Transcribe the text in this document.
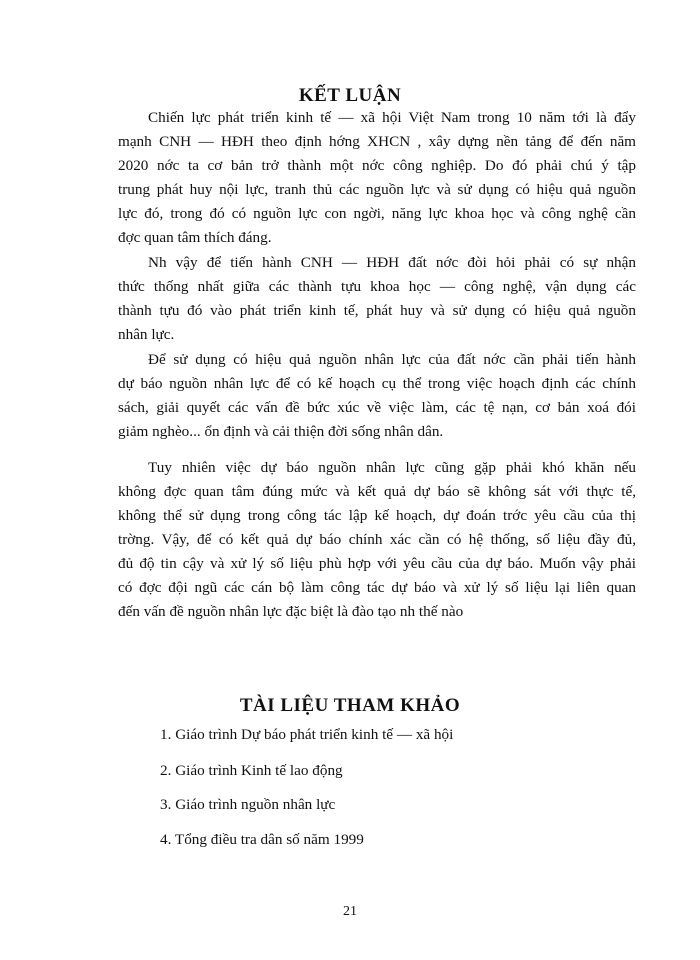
KẾT LUẬN
Chiến lực phát triển kinh tế — xã hội Việt Nam trong 10 năm tới là đẩy
mạnh CNH — HĐH theo định hớng XHCN , xây dựng nền tảng để đến năm
2020 nớc ta cơ bản trở thành một nớc công nghiệp. Do đó phải chú ý tập
trung phát huy nội lực, tranh thủ các nguồn lực và sử dụng có hiệu quả nguồn
lực đó, trong đó có nguồn lực con ngời, năng lực khoa học và công nghệ cần
đợc quan tâm thích đáng.
Nh vậy để tiến hành CNH — HĐH đất nớc đòi hỏi phải có sự nhận
thức thống nhất giữa các thành tựu khoa học — công nghệ, vận dụng các
thành tựu đó vào phát triển kinh tế, phát huy và sử dụng có hiệu quả nguồn
nhân lực.
Để sử dụng có hiệu quả nguồn nhân lực của đất nớc cần phải tiến hành
dự báo nguồn nhân lực để có kế hoạch cụ thể trong việc hoạch định các chính
sách, giải quyết các vấn đề bức xúc về việc làm, các tệ nạn, cơ bản xoá đói
giảm nghèo... ổn định và cải thiện đời sống nhân dân.
Tuy nhiên việc dự báo nguồn nhân lực cũng gặp phải khó khăn nếu
không đợc quan tâm đúng mức và kết quả dự báo sẽ không sát với thực tế,
không thể sử dụng trong công tác lập kế hoạch, dự đoán trớc yêu cầu của thị
trờng. Vậy, để có kết quả dự báo chính xác cần có hệ thống, số liệu đầy đủ,
đủ độ tin cậy và xử lý số liệu phù hợp với yêu cầu của dự báo. Muốn vậy phải
có đợc đội ngũ các cán bộ làm công tác dự báo và xử lý số liệu lại liên quan
đến vấn đề nguồn nhân lực đặc biệt là đào tạo nh thế nào
TÀI LIỆU THAM KHẢO
1. Giáo trình Dự báo phát triển kinh tế — xã hội
2. Giáo trình Kinh tế lao động
3. Giáo trình nguồn nhân lực
4. Tổng điều tra dân số năm 1999
21
